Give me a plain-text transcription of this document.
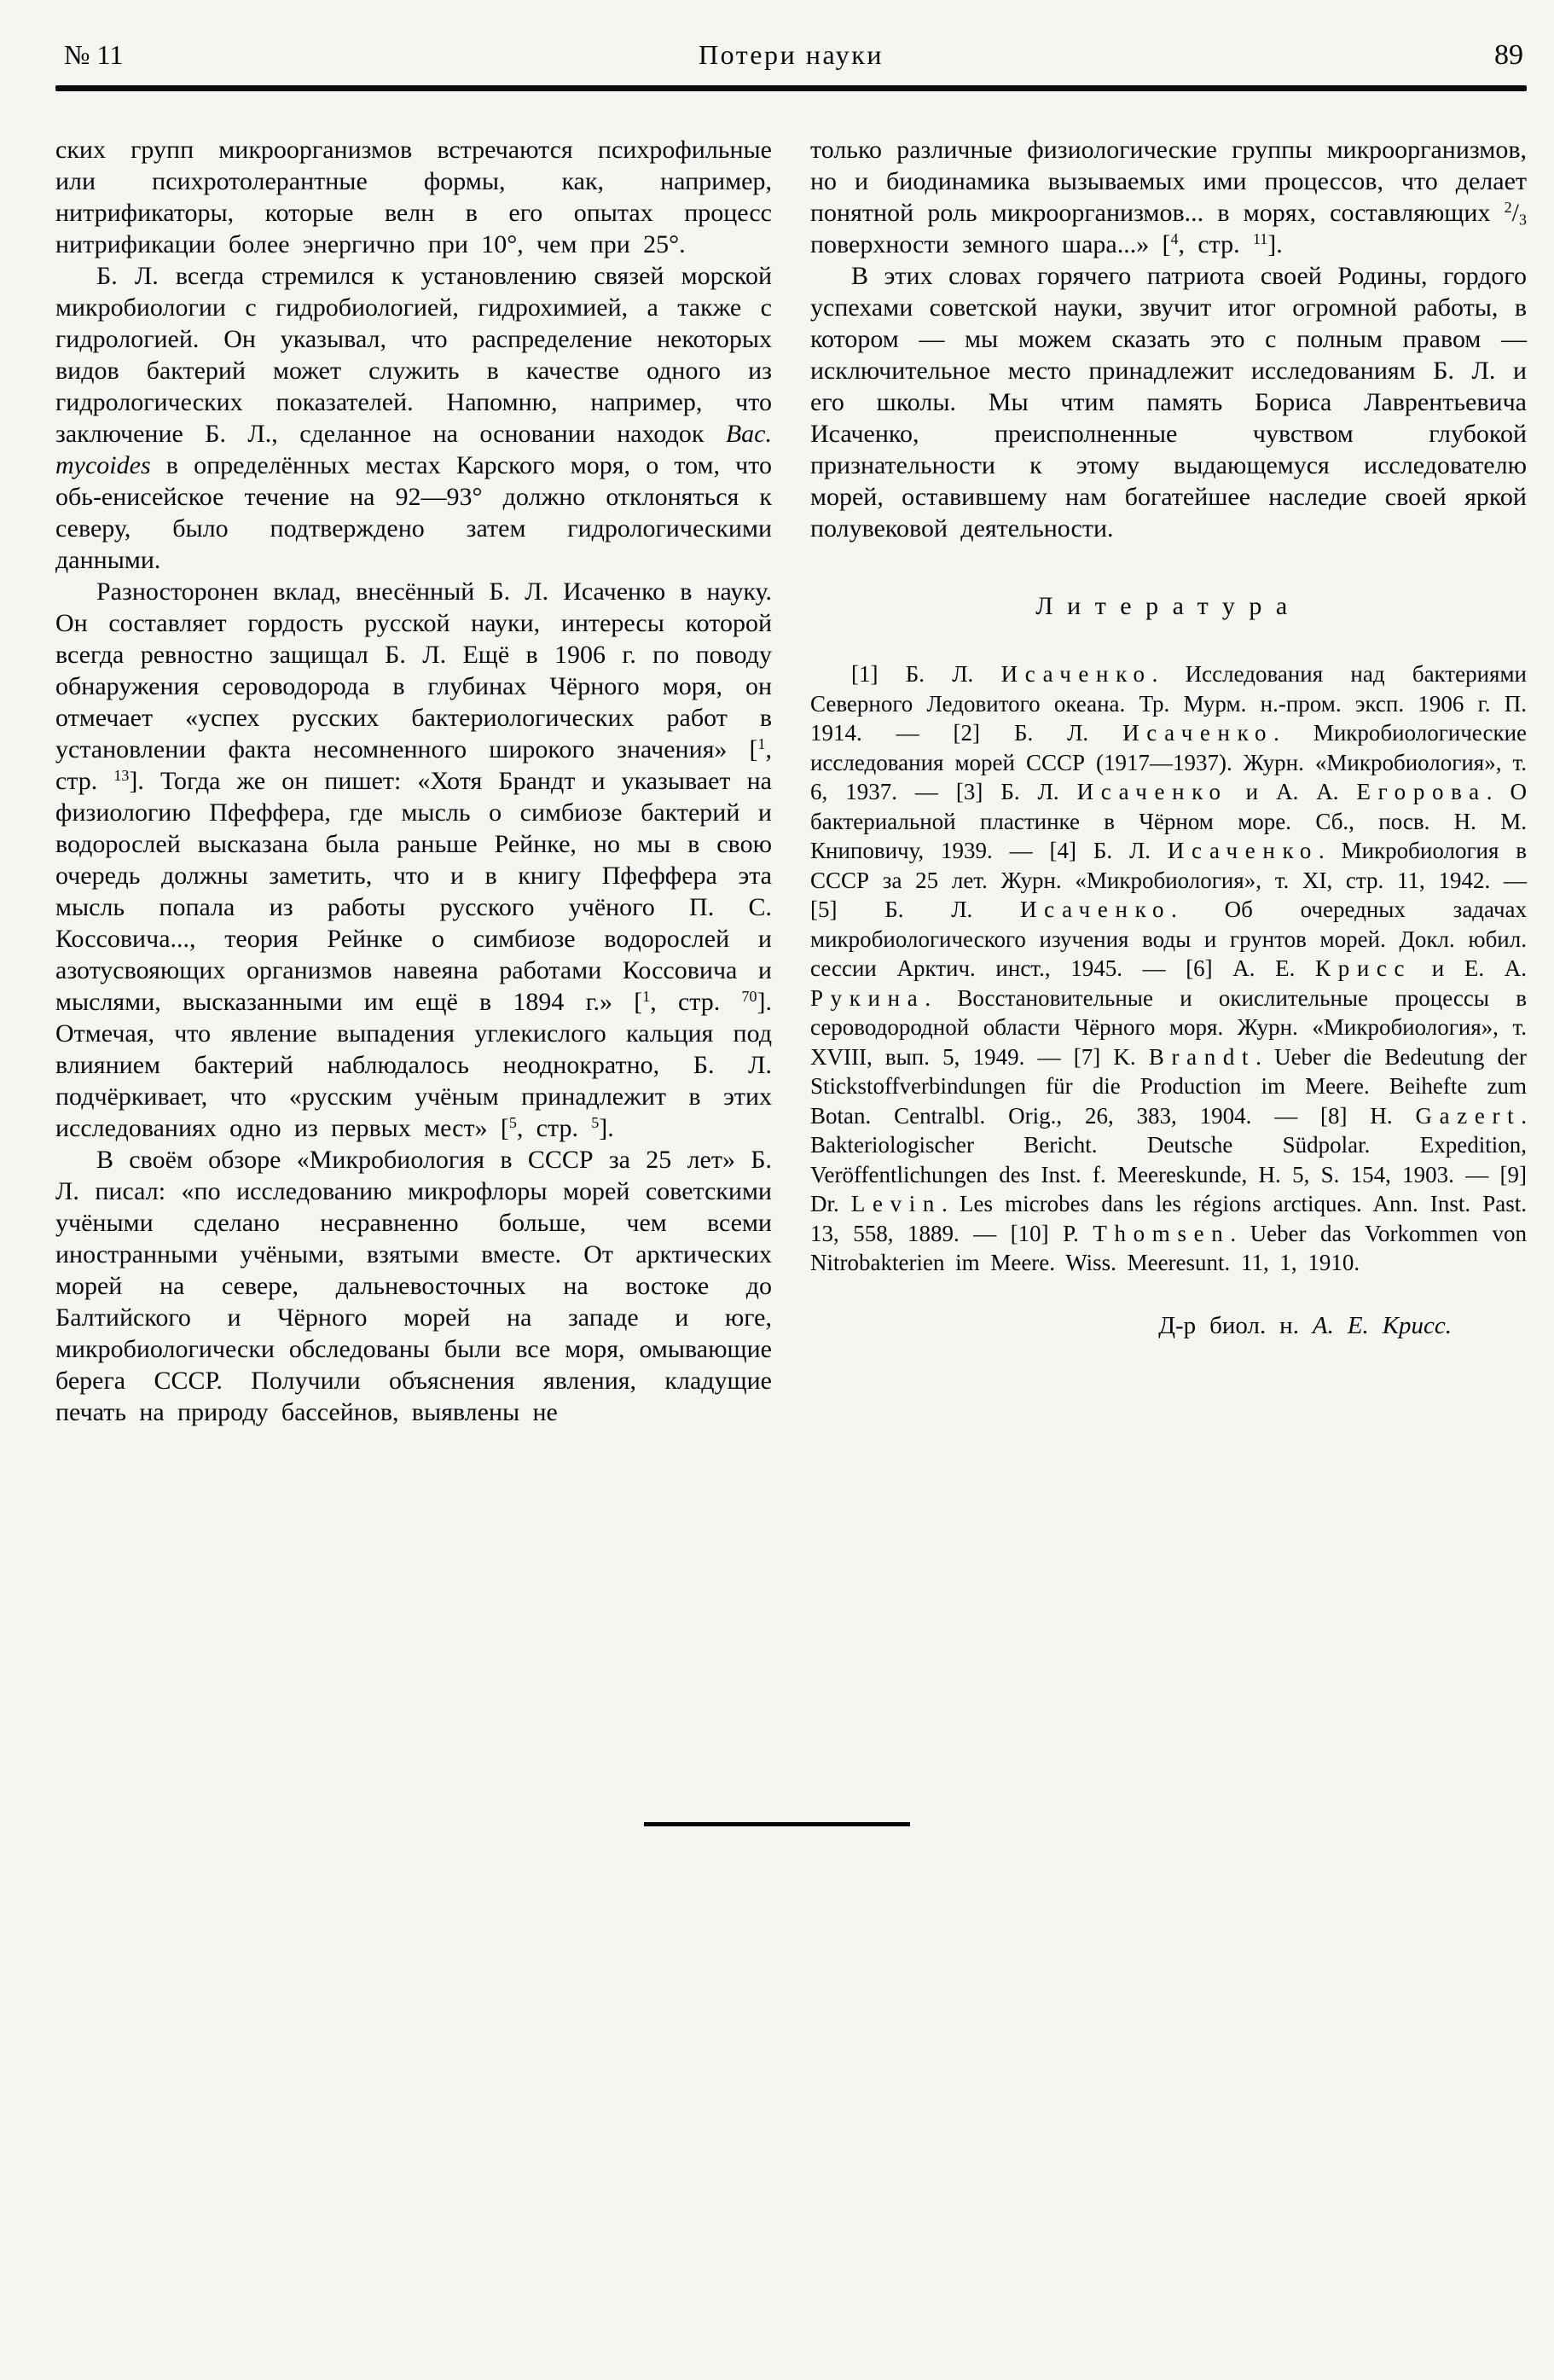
№ 11	Потери науки	89

ских групп микроорганизмов встречаются психрофильные или психротолерантные формы, как, например, нитрификаторы, которые велн в его опытах процесс нитрификации более энергично при 10°, чем при 25°.

Б. Л. всегда стремился к установлению связей морской микробиологии с гидробиологией, гидрохимией, а также с гидрологией. Он указывал, что распределение некоторых видов бактерий может служить в качестве одного из гидрологических показателей. Напомню, например, что заключение Б. Л., сделанное на основании находок Bac. mycoides в определённых местах Карского моря, о том, что обь-енисейское течение на 92—93° должно отклоняться к северу, было подтверждено затем гидрологическими данными.

Разносторонен вклад, внесённый Б. Л. Исаченко в науку. Он составляет гордость русской науки, интересы которой всегда ревностно защищал Б. Л. Ещё в 1906 г. по поводу обнаружения сероводорода в глубинах Чёрного моря, он отмечает «успех русских бактериологических работ в установлении факта несомненного широкого значения» [$^1$, стр. $^{13}$]. Тогда же он пишет: «Хотя Брандт и указывает на физиологию Пфеффера, где мысль о симбиозе бактерий и водорослей высказана была раньше Рейнке, но мы в свою очередь должны заметить, что и в книгу Пфеффера эта мысль попала из работы русского учёного П. С. Коссовича..., теория Рейнке о симбиозе водорослей и азотусвояющих организмов навеяна работами Коссовича и мыслями, высказанными им ещё в 1894 г.» [$^1$, стр. $^{70}$]. Отмечая, что явление выпадения углекислого кальция под влиянием бактерий наблюдалось неоднократно, Б. Л. подчёркивает, что «русским учёным принадлежит в этих исследованиях одно из первых мест» [$^5$, стр. $^5$].

В своём обзоре «Микробиология в СССР за 25 лет» Б. Л. писал: «по исследованию микрофлоры морей советскими учёными сделано несравненно больше, чем всеми иностранными учёными, взятыми вместе. От арктических морей на севере, дальневосточных на востоке до Балтийского и Чёрного морей на западе и юге, микробиологически обследованы были все моря, омывающие берега СССР. Получили объяснения явления, кладущие печать на природу бассейнов, выявлены не

только различные физиологические группы микроорганизмов, но и биодинамика вызываемых ими процессов, что делает понятной роль микроорганизмов... в морях, составляющих $^2/_3$ поверхности земного шара...» [$^4$, стр. $^{11}$].

В этих словах горячего патриота своей Родины, гордого успехами советской науки, звучит итог огромной работы, в котором — мы можем сказать это с полным правом — исключительное место принадлежит исследованиям Б. Л. и его школы. Мы чтим память Бориса Лаврентьевича Исаченко, преисполненные чувством глубокой признательности к этому выдающемуся исследователю морей, оставившему нам богатейшее наследие своей яркой полувековой деятельности.

Литература

[1] Б. Л. Исаченко. Исследования над бактериями Северного Ледовитого океана. Тр. Мурм. н.-пром. эксп. 1906 г. П. 1914. — [2] Б. Л. Исаченко. Микробиологические исследования морей СССР (1917—1937). Журн. «Микробиология», т. 6, 1937. — [3] Б. Л. Исаченко и А. А. Егорова. О бактериальной пластинке в Чёрном море. Сб., посв. Н. М. Книповичу, 1939. — [4] Б. Л. Исаченко. Микробиология в СССР за 25 лет. Журн. «Микробиология», т. XI, стр. 11, 1942. — [5] Б. Л. Исаченко. Об очередных задачах микробиологического изучения воды и грунтов морей. Докл. юбил. сессии Арктич. инст., 1945. — [6] А. Е. Крисс и Е. А. Рукина. Восстановительные и окислительные процессы в сероводородной области Чёрного моря. Журн. «Микробиология», т. XVIII, вып. 5, 1949. — [7] K. Brandt. Ueber die Bedeutung der Stickstoffverbindungen für die Production im Meere. Beihefte zum Botan. Centralbl. Orig., 26, 383, 1904. — [8] H. Gazert. Bakteriologischer Bericht. Deutsche Südpolar. Expedition, Veröffentlichungen des Inst. f. Meereskunde, H. 5, S. 154, 1903. — [9] Dr. Levin. Les microbes dans les régions arctiques. Ann. Inst. Past. 13, 558, 1889. — [10] P. Thomsen. Ueber das Vorkommen von Nitrobakterien im Meere. Wiss. Meeresunt. 11, 1, 1910.

Д-р биол. н. А. Е. Крисс.
